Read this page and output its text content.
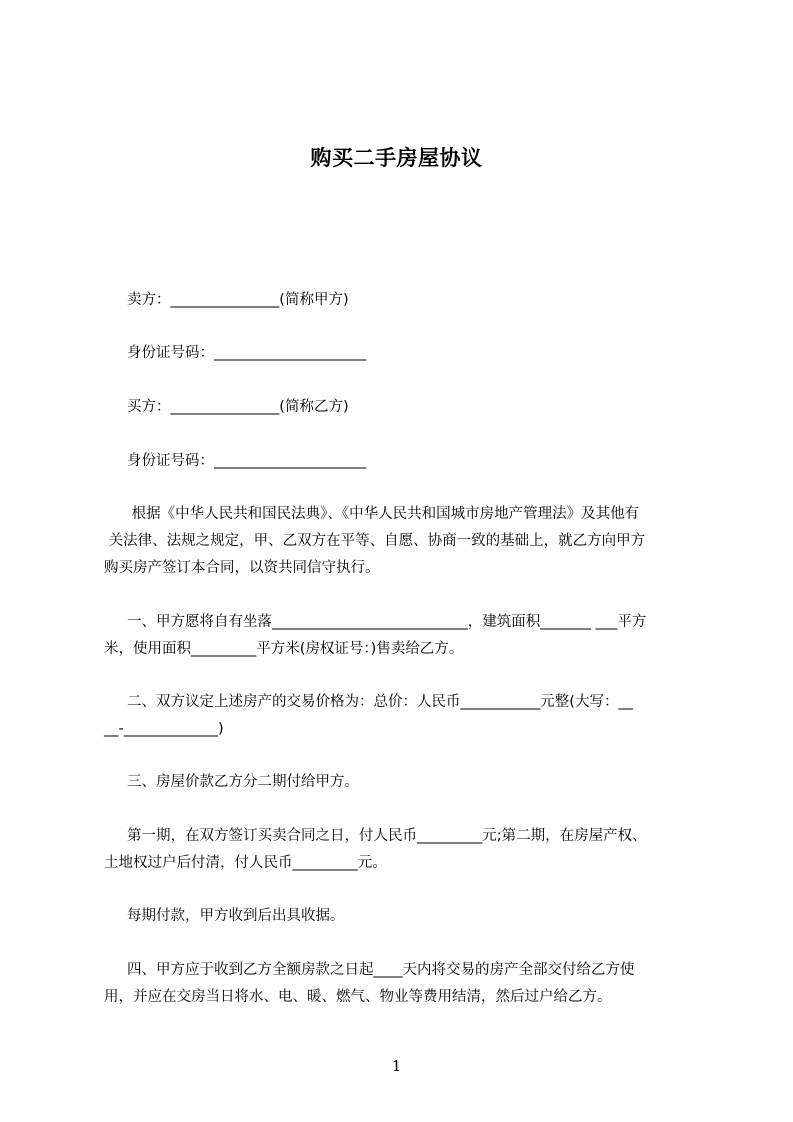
购买二手房屋协议

卖方：_______________(简称甲方)

身份证号码：_____________________

买方：_______________(简称乙方)

身份证号码：_____________________

根据《中华人民共和国民法典》、《中华人民共和国城市房地产管理法》及其他有

关法律、法规之规定，甲、乙双方在平等、自愿、协商一致的基础上，就乙方向甲方

购买房产签订本合同，以资共同信守执行。

一、甲方愿将自有坐落___________________________，建筑面积_______ ___平方

米，使用面积_________平方米(房权证号：)售卖给乙方。

二、双方议定上述房产的交易价格为：总价：人民币___________元整(大写：__

__-_____________)

三、房屋价款乙方分二期付给甲方。

第一期，在双方签订买卖合同之日，付人民币_________元;第二期，在房屋产权、

土地权过户后付清，付人民币_________元。

每期付款，甲方收到后出具收据。

四、甲方应于收到乙方全额房款之日起____天内将交易的房产全部交付给乙方使

用，并应在交房当日将水、电、暖、燃气、物业等费用结清，然后过户给乙方。

1
